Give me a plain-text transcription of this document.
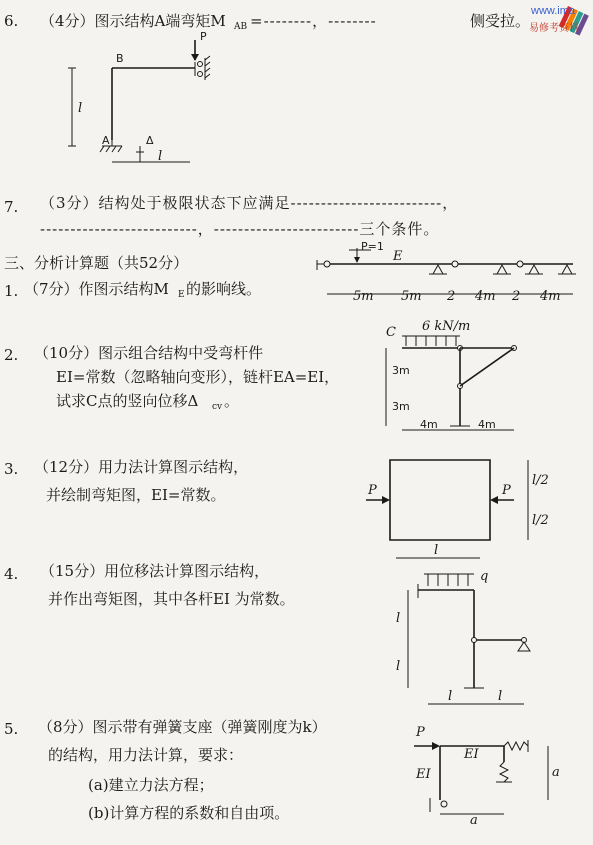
www.ima
易修考资料
6. （4分）图示结构A端弯矩M AB =--------，--------	侧受拉。
P
B
A
l
Δ
l
7. （3分）结构处于极限状态下应满足-------------------------，
--------------------------，------------------------三个条件。
三、分析计算题（共52分）
1. （7分）作图示结构M E 的影响线。
P=1
E
5m 5m 2 4m 2 4m
2. （10分）图示组合结构中受弯杆件
EI=常数（忽略轴向变形），链杆EA=EI，
试求C点的竖向位移Δ cv 。
C 6 kN/m
3m
3m
4m	4m
3. （12分）用力法计算图示结构，
并绘制弯矩图，EI=常数。	P	P
l/2
l/2
4. （15分）用位移法计算图示结构，
并作出弯矩图，其中各杆EI 为常数。
l
q
l
l
l	l
5. （8分）图示带有弹簧支座（弹簧刚度为k）
的结构，用力法计算，要求：
(a)建立力法方程；
(b)计算方程的系数和自由项。
P
EI
EI	a
a
